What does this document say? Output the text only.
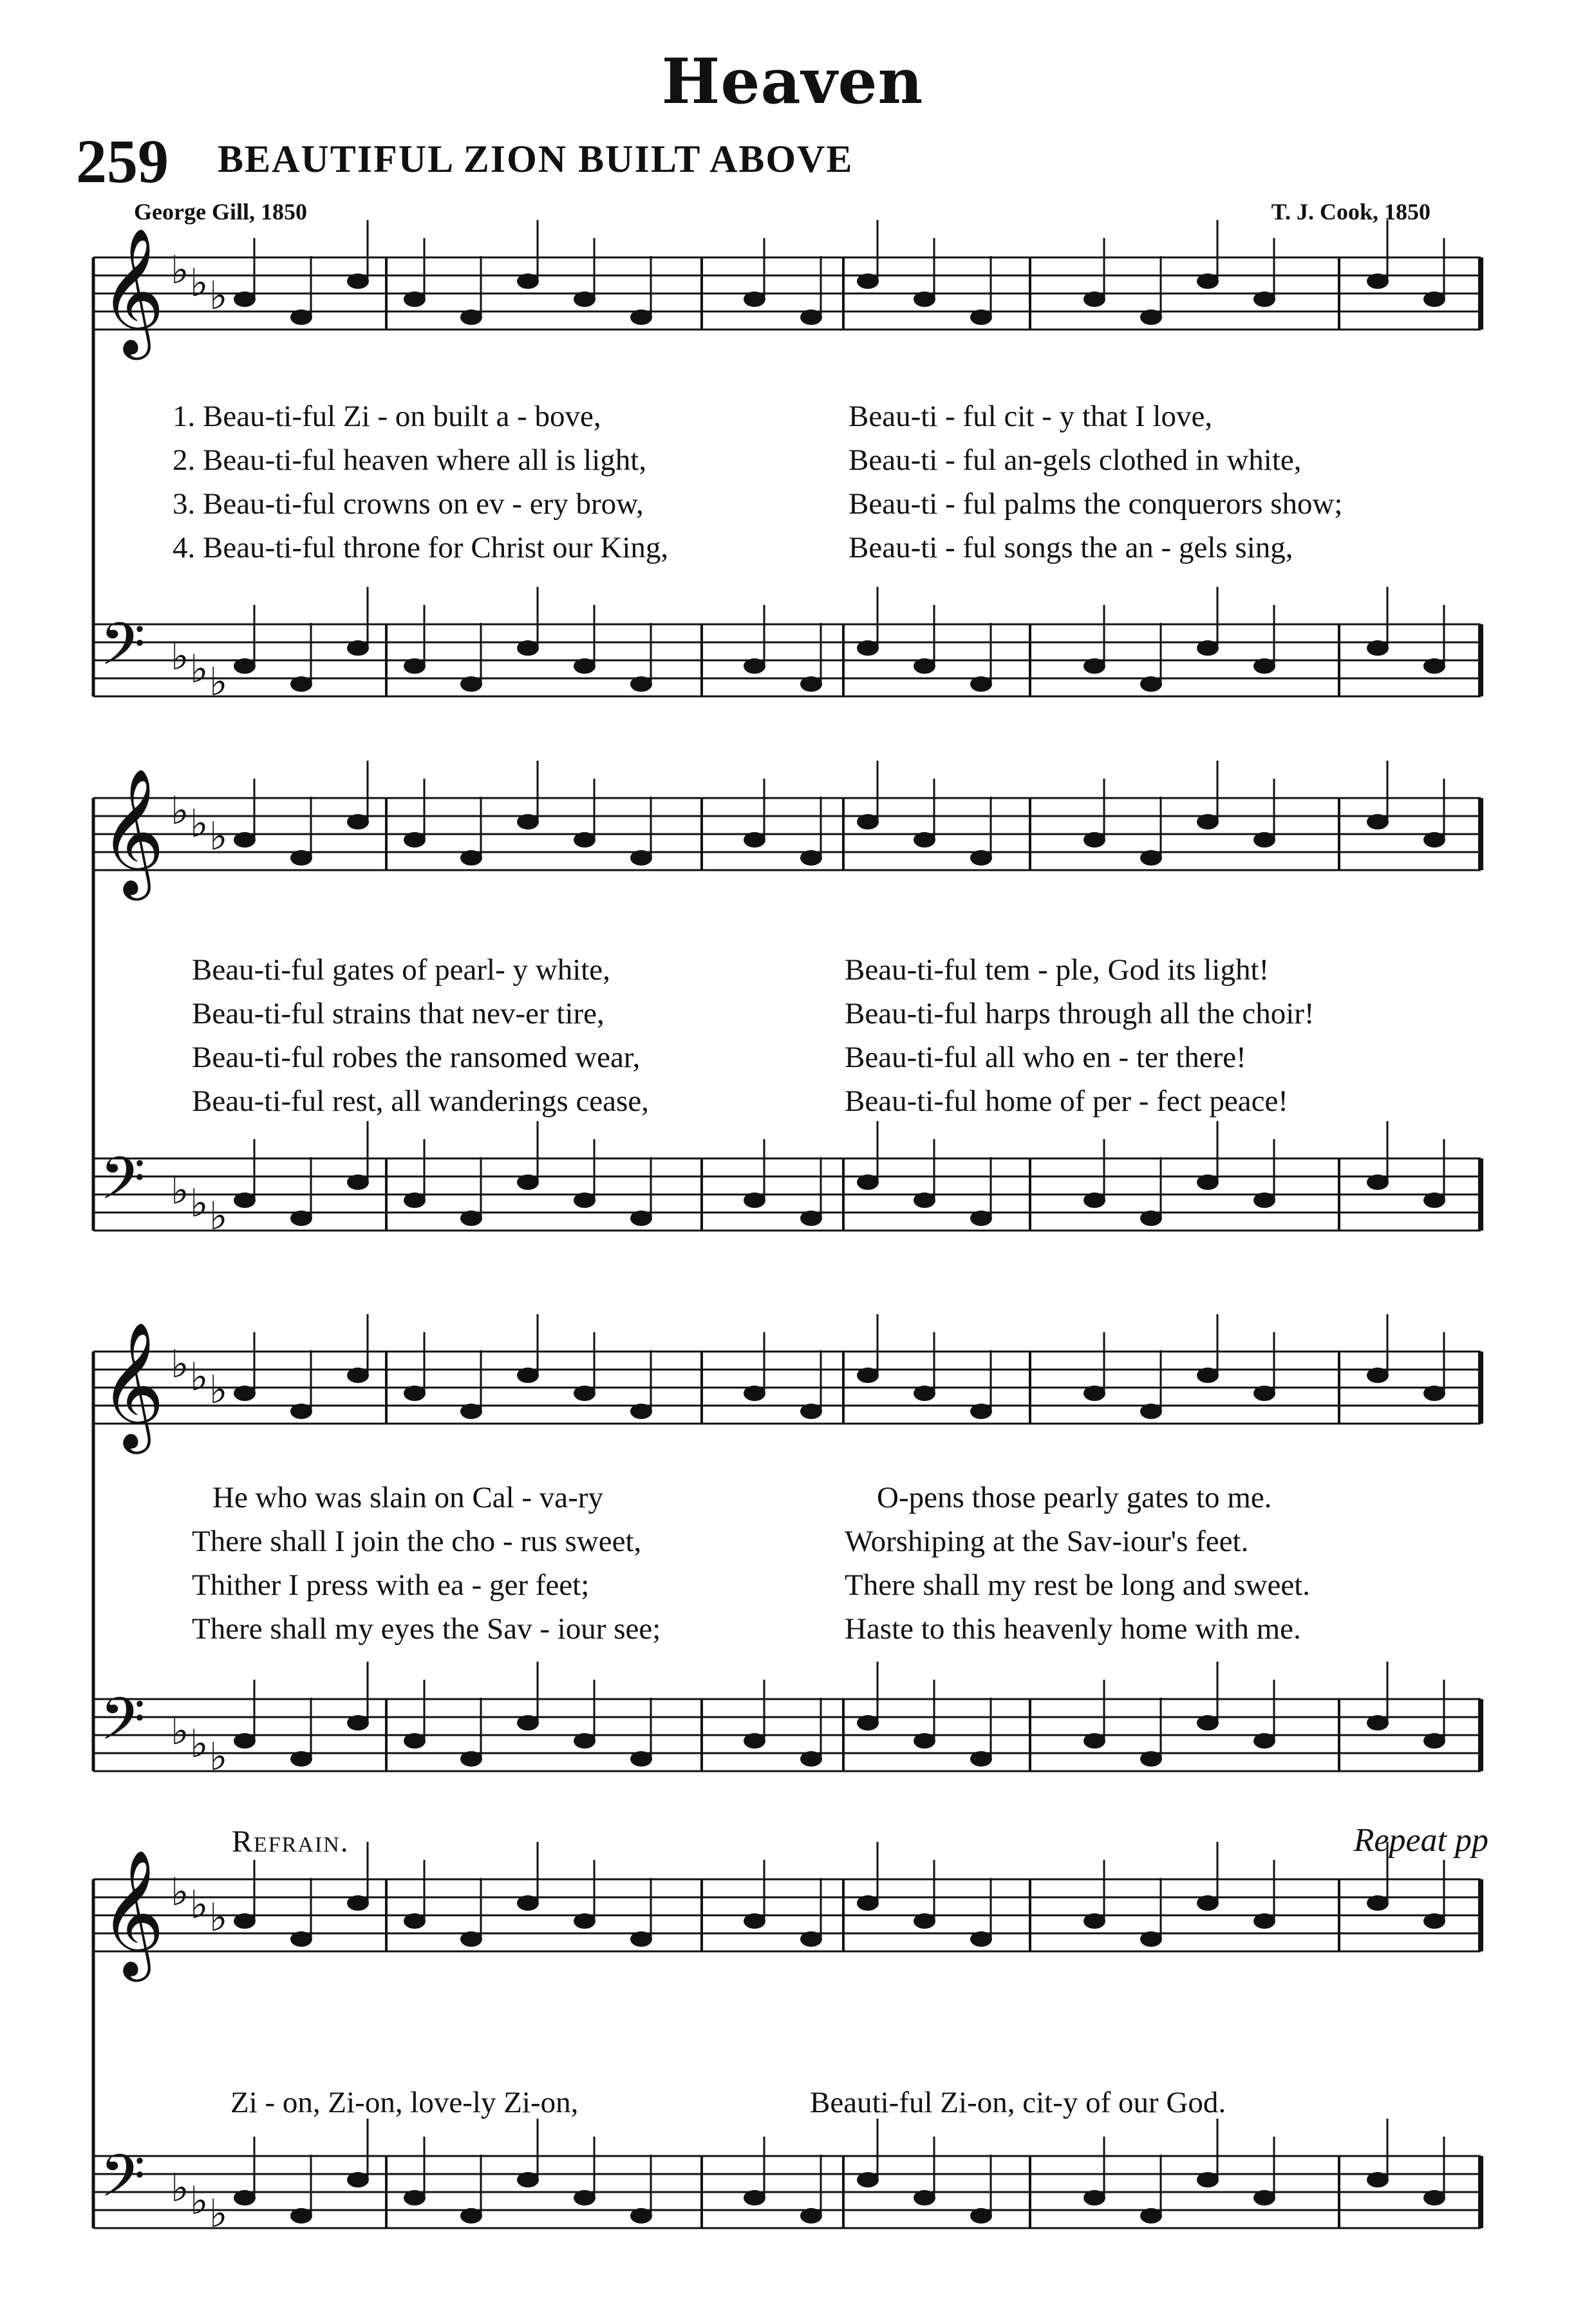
Heaven
259 BEAUTIFUL ZION BUILT ABOVE
George Gill, 1850	T. J. Cook, 1850
𝄞 ♭ ♭ ♭
𝄢 ♭ ♭ ♭
1. Beau-ti-ful Zi - on built a - bove,	Beau-ti - ful cit - y that I love,
2. Beau-ti-ful heaven where all is light,	Beau-ti - ful an-gels clothed in white,
3. Beau-ti-ful crowns on ev - ery brow,	Beau-ti - ful palms the conquerors show;
4. Beau-ti-ful throne for Christ our King,	Beau-ti - ful songs the an - gels sing,
𝄞 ♭ ♭ ♭
𝄢 ♭ ♭ ♭
Beau-ti-ful gates of pearl- y white,	Beau-ti-ful tem - ple, God its light!
Beau-ti-ful strains that nev-er tire,	Beau-ti-ful harps through all the choir!
Beau-ti-ful robes the ransomed wear,	Beau-ti-ful all who en - ter there!
Beau-ti-ful rest, all wanderings cease,	Beau-ti-ful home of per - fect peace!
𝄞 ♭ ♭ ♭
𝄢 ♭ ♭ ♭
He who was slain on Cal - va-ry	O-pens those pearly gates to me.
There shall I join the cho - rus sweet,	Worshiping at the Sav-iour's feet.
Thither I press with ea - ger feet;	There shall my rest be long and sweet.
There shall my eyes the Sav - iour see;	Haste to this heavenly home with me.
Refrain.	Repeat pp
𝄞 ♭ ♭ ♭
𝄢 ♭ ♭ ♭
Zi - on, Zi-on, love-ly Zi-on,	Beauti-ful Zi-on, cit-y of our God.
